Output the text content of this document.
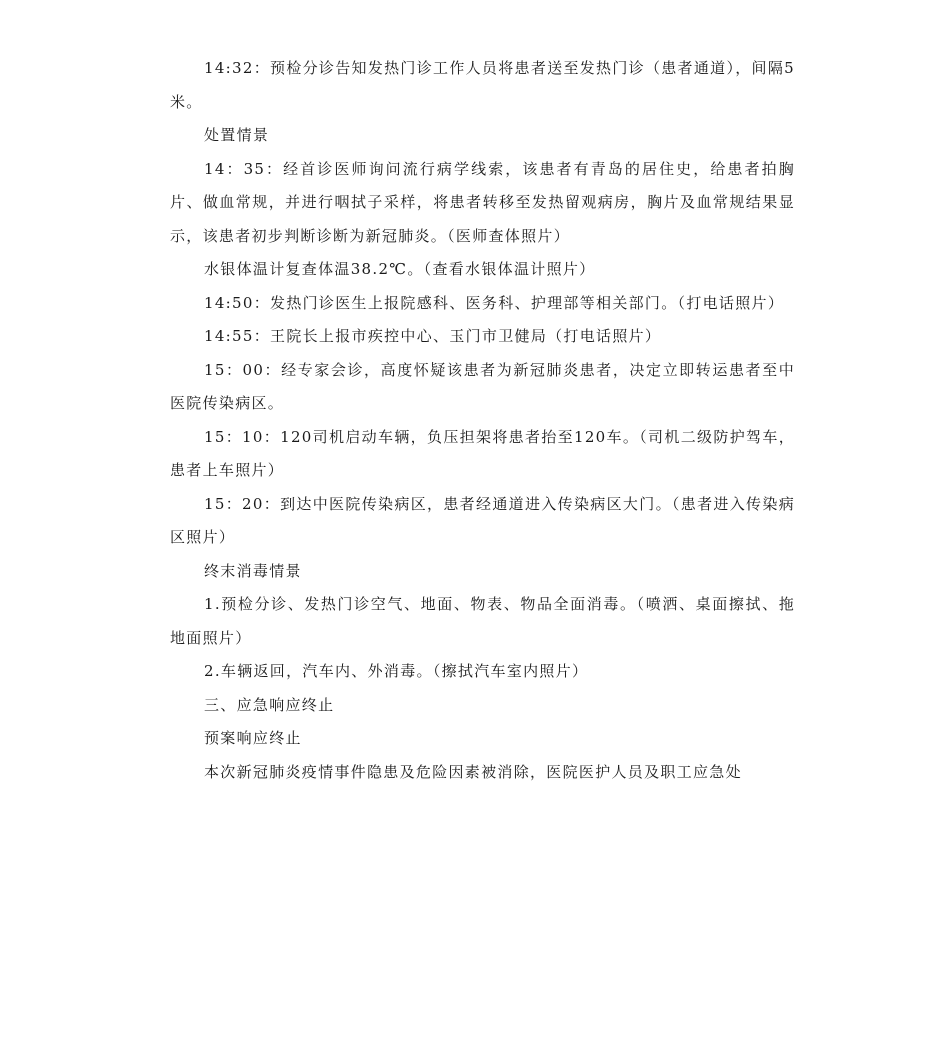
14:32：预检分诊告知发热门诊工作人员将患者送至发热门诊（患者通道），间隔5米。

处置情景

14：35：经首诊医师询问流行病学线索，该患者有青岛的居住史，给患者拍胸片、做血常规，并进行咽拭子采样，将患者转移至发热留观病房，胸片及血常规结果显示，该患者初步判断诊断为新冠肺炎。（医师查体照片）

水银体温计复查体温38.2℃。（查看水银体温计照片）

14:50：发热门诊医生上报院感科、医务科、护理部等相关部门。（打电话照片）

14:55：王院长上报市疾控中心、玉门市卫健局（打电话照片）

15：00：经专家会诊，高度怀疑该患者为新冠肺炎患者，决定立即转运患者至中医院传染病区。

15：10：120司机启动车辆，负压担架将患者抬至120车。（司机二级防护驾车，患者上车照片）

15：20：到达中医院传染病区，患者经通道进入传染病区大门。（患者进入传染病区照片）

终末消毒情景

1.预检分诊、发热门诊空气、地面、物表、物品全面消毒。（喷洒、桌面擦拭、拖地面照片）

2.车辆返回，汽车内、外消毒。（擦拭汽车室内照片）

三、应急响应终止

预案响应终止

本次新冠肺炎疫情事件隐患及危险因素被消除，医院医护人员及职工应急处
